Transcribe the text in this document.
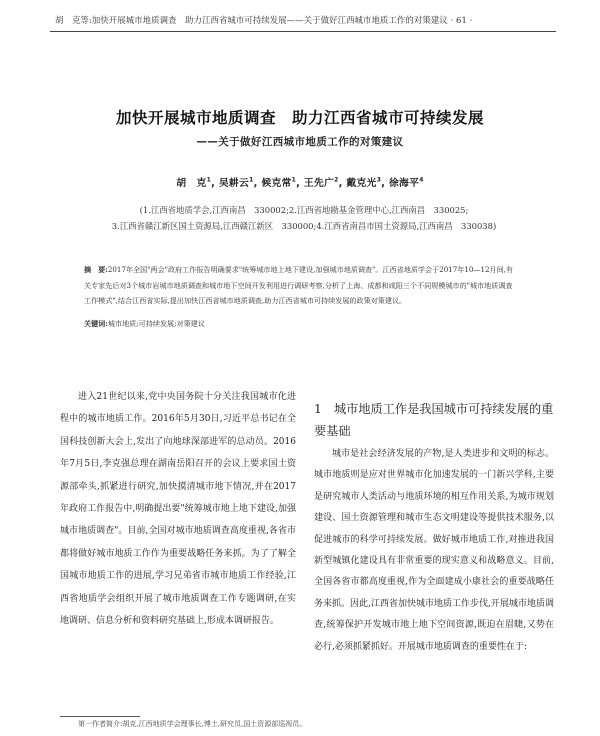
胡　克等:加快开展城市地质调查　助力江西省城市可持续发展——关于做好江西城市地质工作的对策建议 · 61 ·
加快开展城市地质调查　助力江西省城市可持续发展
——关于做好江西城市地质工作的对策建议
胡　克$^1$, 吴耕云$^1$, 候克常$^1$, 王先广$^2$, 戴克光$^3$, 徐海平$^4$
(1.江西省地质学会,江西南昌　330002;2.江西省地勘基金管理中心,江西南昌　330025;
3.江西省赣江新区国土资源局,江西赣江新区　330000;4.江西省南昌市国土资源局,江西南昌　330038)
摘　要:2017年全国"两会"政府工作报告明确要求"统筹城市地上地下建设,加强城市地质调查"。江西省地质学会于2017年10—12月间,有关专家先后对3个城市岩城市地质调查和城市地下空间开发利用进行调研考察,分析了上海、成都和咸阳三个不同规模城市的"城市地质调查工作模式",结合江西省实际,提出加快江西省城市地质调查,助力江西省城市可持续发展的政策对策建议。
关键词:城市地质;可持续发展;对策建议
进入21世纪以来,党中央国务院十分关注我国城市化进程中的城市地质工作。2016年5月30日,习近平总书记在全国科技创新大会上,发出了向地球深部进军的总动员。2016年7月5日,李克强总理在湖南岳阳召开的会议上要求国土资源部牵头,抓紧进行研究,加快摸清城市地下情况,并在2017年政府工作报告中,明确提出要"统筹城市地上地下建设,加强城市地质调查"。目前,全国对城市地质调查高度重视,各省市都将做好城市地质工作作为重要战略任务来抓。为了了解全国城市地质工作的进展,学习兄弟省市城市地质工作经验,江西省地质学会组织开展了城市地质调查工作专题调研,在实地调研、信息分析和资料研究基础上,形成本调研报告。
1  城市地质工作是我国城市可持续发展的重要基础
城市是社会经济发展的产物,是人类进步和文明的标志。城市地质则是应对世界城市化加速发展的一门新兴学科,主要是研究城市人类活动与地质环境的相互作用关系,为城市规划建设、国土资源管理和城市生态文明建设等提供技术服务,以促进城市的科学可持续发展。做好城市地质工作,对推进我国新型城镇化建设具有非常重要的现实意义和战略意义。目前,全国各省市都高度重视,作为全面建成小康社会的重要战略任务来抓。因此,江西省加快城市地质工作步伐,开展城市地质调查,统筹保护开发城市地上地下空间资源,既迫在眉睫,又势在必行,必须抓紧抓好。开展城市地质调查的重要性在于:
第一作者简介:胡克,江西地质学会理事长,博士,研究员,国土资源部巡视员。
